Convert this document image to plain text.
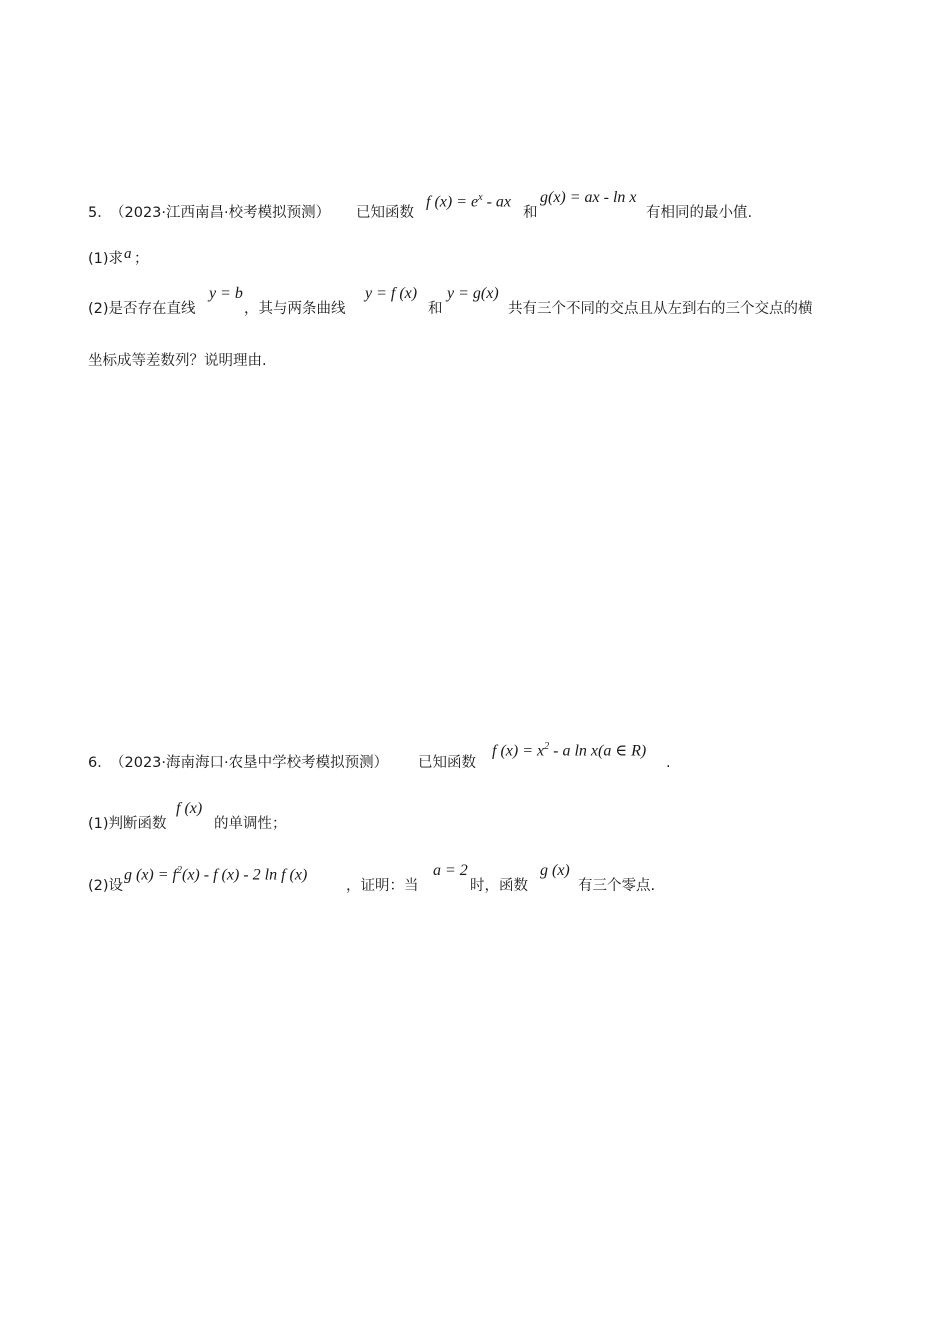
5．
（2023·江西南昌·校考模拟预测） 已知函数
f $(x) = e^x$ - ax
和
g(x) = ax - ln x
有相同的最小值.
(1)求 a ；
(2)是否存在直线
y = b
，其与两条曲线
y = f (x)
和
y = g(x)
共有三个不同的交点且从左到右的三个交点的横
坐标成等差数列？说明理由.
6．
（2023·海南海口·农垦中学校考模拟预测） 已知函数
f $(x) = x^2 - a$ ln x(a ∈ R)
.
(1)判断函数
f (x)
的单调性；
(2)设
g $(x) = f^2(x) - f$ (x) - 2 ln f (x)
，证明：当
a = 2
时，函数
g (x)
有三个零点.
